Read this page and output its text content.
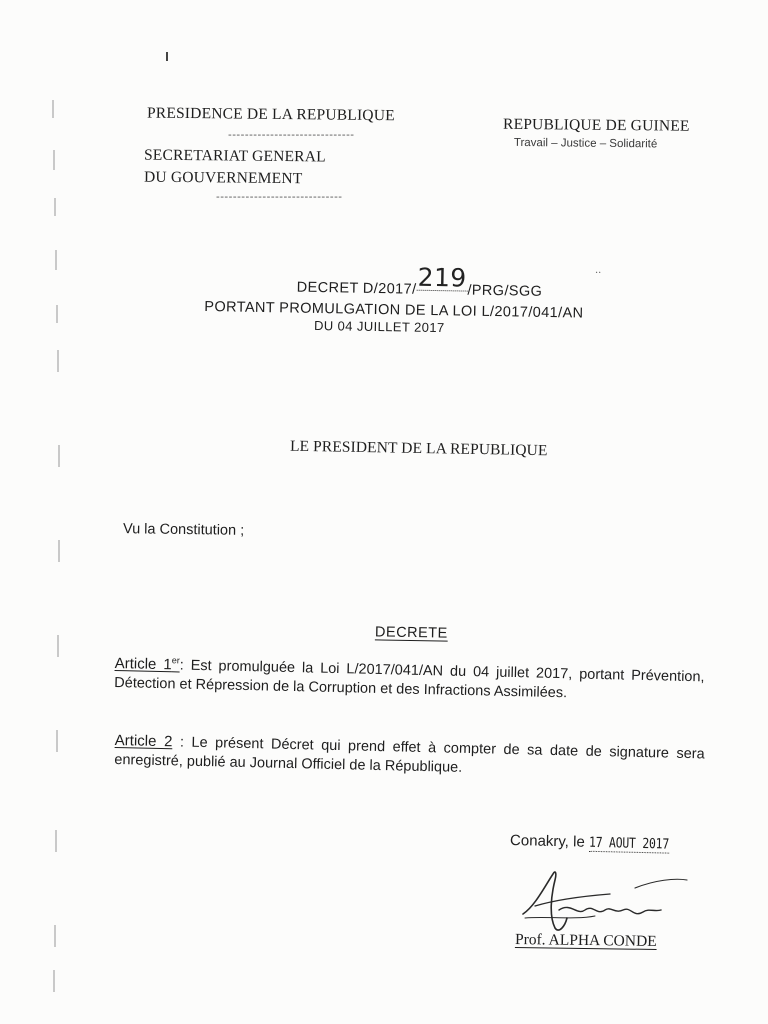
··
PRESIDENCE DE LA REPUBLIQUE
------------------------------
SECRETARIAT GENERAL
DU GOUVERNEMENT
------------------------------
REPUBLIQUE DE GUINEE
Travail – Justice – Solidarité
DECRET D/2017/219/PRG/SGG
PORTANT PROMULGATION DE LA LOI L/2017/041/AN
DU 04 JUILLET 2017
LE PRESIDENT DE LA REPUBLIQUE
Vu la Constitution ;
DECRETE
Article 1er: Est promulguée la Loi L/2017/041/AN du 04 juillet 2017, portant Prévention, Détection et Répression de la Corruption et des Infractions Assimilées.
Article 2 : Le présent Décret qui prend effet à compter de sa date de signature sera enregistré, publié au Journal Officiel de la République.
Conakry, le 17 AOUT 2017
Prof. ALPHA CONDE
